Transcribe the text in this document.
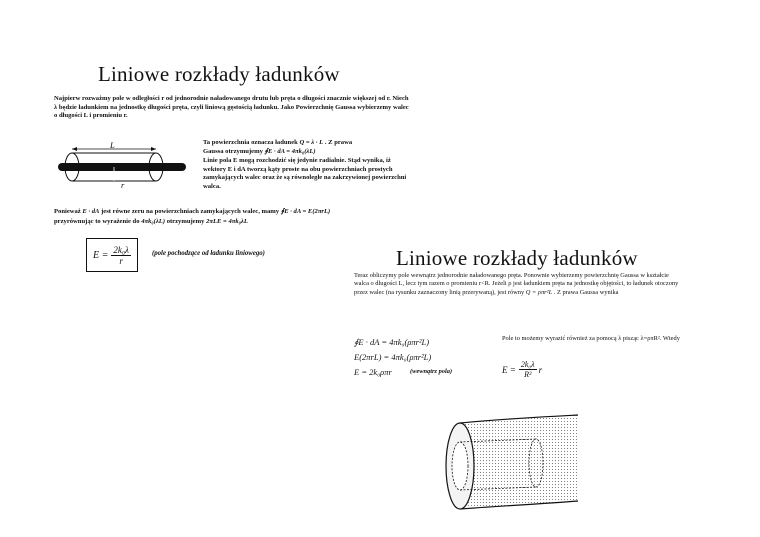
Liniowe rozkłady ładunków
Najpierw rozważmy pole w odległości r od jednorodnie naładowanego drutu lub pręta o długości znacznie większej od r. Niech λ będzie ładunkiem na jednostkę długości pręta, czyli liniową gęstością ładunku. Jako Powierzchnię Gaussa wybierzemy walec o długości L i promieniu r.
L
r
Ta powierzchnia oznacza ładunek Q = λ · L . Z prawa
Gaussa otrzymujemy ∮E · dA = 4πk₀(λL)
Linie pola E mogą rozchodzić się jedynie radialnie. Stąd wynika, iż wektory E i dA tworzą kąty proste na obu powierzchniach prostych zamykających walec oraz że są równoległe na zakrzywionej powierzchni walca.
Ponieważ E · dA jest równe zeru na powierzchniach zamykających walec, mamy ∮E · dA = E(2πrL)
przyrównując to wyrażenie do 4πk₀(λL) otrzymujemy 2πLE = 4πk₀λL
$E = \frac{\text{2k₀λ}}{r}$	(pole pochodzące od ładunku liniowego)	Liniowe rozkłady ładunków
Teraz obliczymy pole wewnątrz jednorodnie naładowanego pręta. Ponownie wybierzemy powierzchnię Gaussa w kształcie walca o długości L, lecz tym razem o promieniu r<R. Jeżeli ρ jest ładunkiem pręta na jednostkę objętości, to ładunek otoczony przez walec (na rysunku zaznaczony linią przerywaną), jest równy Q = ρπr²L . Z prawa Gaussa wynika
∮E · dA = 4πk₀(ρπr²L)
E(2πrL) = 4πk₀(ρπr²L)
E = 2k₀ρπr	(wewnątrz pola)
Pole to możemy wyrazić również za pomocą λ pisząc λ=ρπR². Wtedy
$E = \frac{\text{2k₀λ}}{\text{R²}}$ r
